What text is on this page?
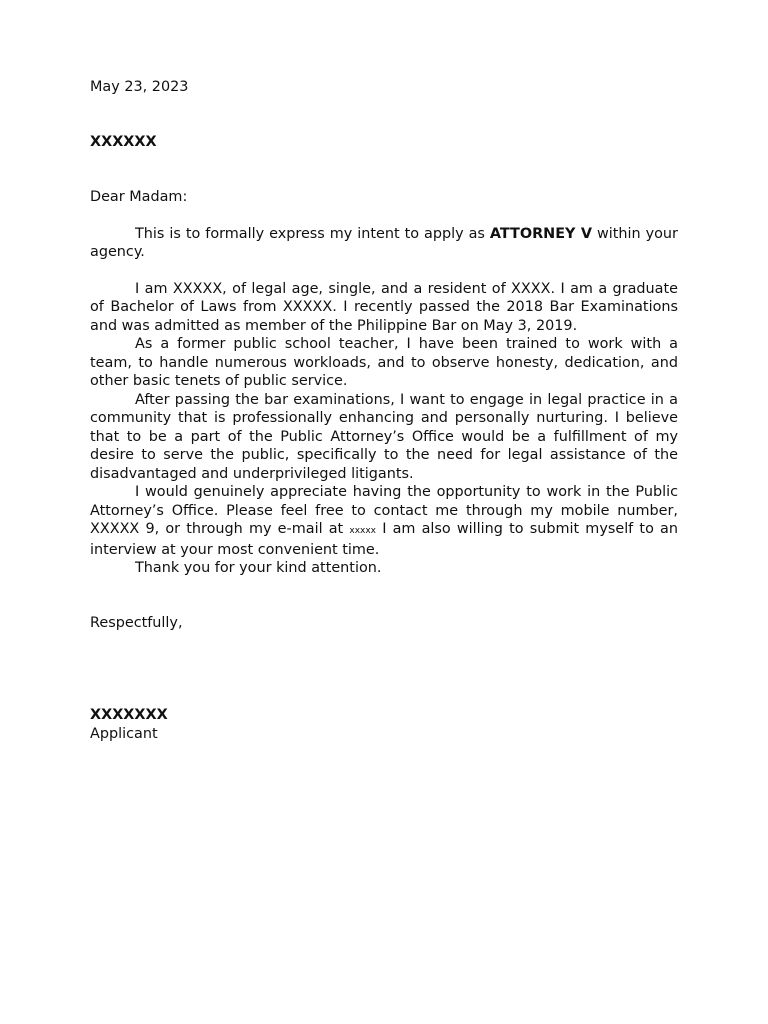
May 23, 2023

XXXXXX

Dear Madam:

This is to formally express my intent to apply as ATTORNEY V within your agency.

I am XXXXX, of legal age, single, and a resident of XXXX. I am a graduate of Bachelor of Laws from XXXXX. I recently passed the 2018 Bar Examinations and was admitted as member of the Philippine Bar on May 3, 2019.

As a former public school teacher, I have been trained to work with a team, to handle numerous workloads, and to observe honesty, dedication, and other basic tenets of public service.

After passing the bar examinations, I want to engage in legal practice in a community that is professionally enhancing and personally nurturing. I believe that to be a part of the Public Attorney’s Office would be a fulfillment of my desire to serve the public, specifically to the need for legal assistance of the disadvantaged and underprivileged litigants.

I would genuinely appreciate having the opportunity to work in the Public Attorney’s Office. Please feel free to contact me through my mobile number, XXXXX 9, or through my e-mail at xxxxx I am also willing to submit myself to an interview at your most convenient time.

Thank you for your kind attention.

Respectfully,

XXXXXXX

Applicant
